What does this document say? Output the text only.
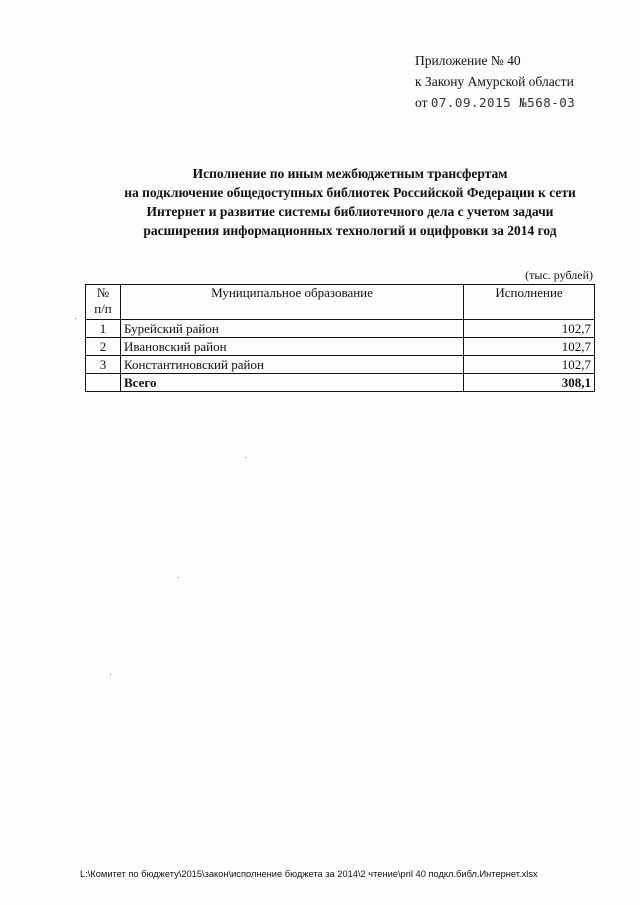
Приложение № 40
к Закону Амурской области
от 07.09.2015 №568-03
Исполнение по иным межбюджетным трансфертам
на подключение общедоступных библиотек Российской Федерации к сети
Интернет и развитие системы библиотечного дела с учетом задачи
расширения информационных технологий и оцифровки за 2014 год
(тыс. рублей)
№
п/п	Муниципальное образование	Исполнение
1	Бурейский район	102,7
2	Ивановский район	102,7
3	Константиновский район	102,7
	Всего	308,1
L:\Комитет по бюджету\2015\закон\исполнение бюджета за 2014\2 чтение\pril 40 подкл.библ.Интернет.xlsx
